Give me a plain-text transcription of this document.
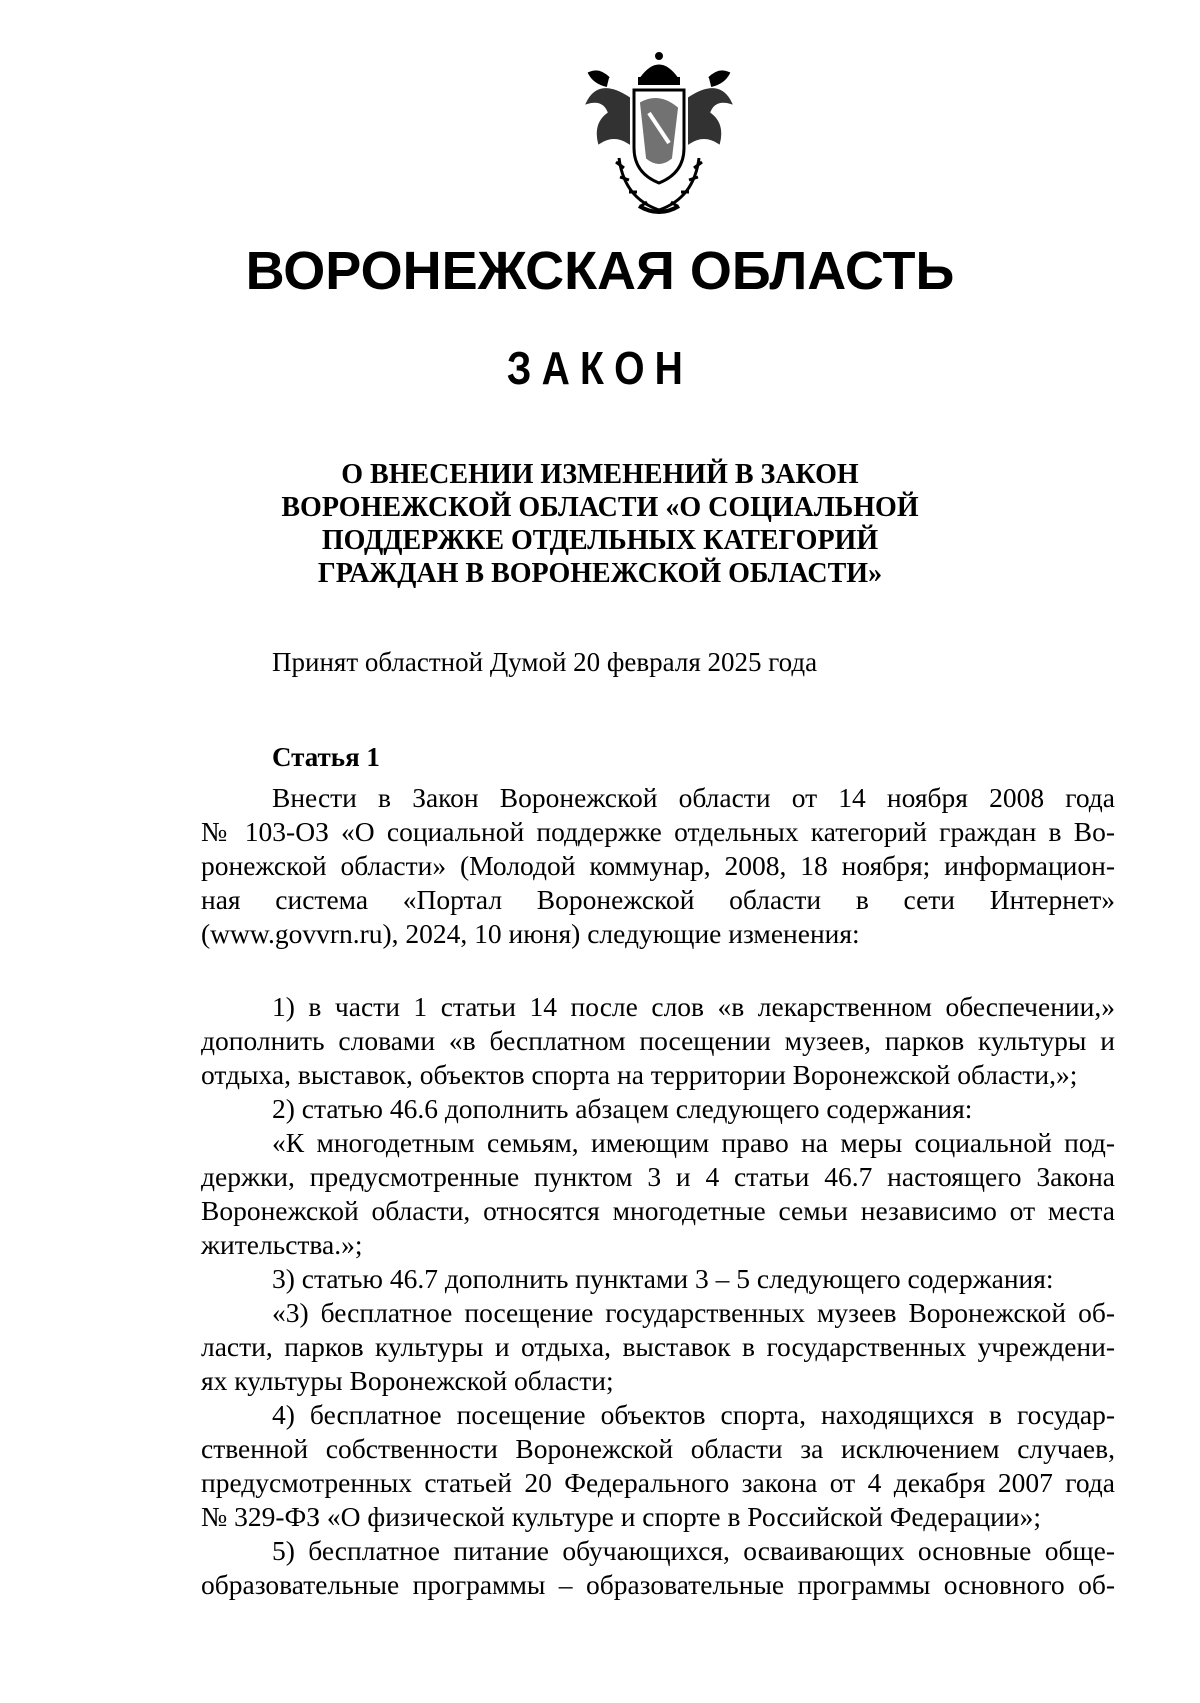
ВОРОНЕЖСКАЯ ОБЛАСТЬ
ЗАКОН
О ВНЕСЕНИИ ИЗМЕНЕНИЙ В ЗАКОН
ВОРОНЕЖСКОЙ ОБЛАСТИ «О СОЦИАЛЬНОЙ
ПОДДЕРЖКЕ ОТДЕЛЬНЫХ КАТЕГОРИЙ
ГРАЖДАН В ВОРОНЕЖСКОЙ ОБЛАСТИ»
Принят областной Думой 20 февраля 2025 года
Статья 1
Внести в Закон Воронежской области от 14 ноября 2008 года
№ 103-ОЗ «О социальной поддержке отдельных категорий граждан в Во-
ронежской области» (Молодой коммунар, 2008, 18 ноября; информацион-
ная система «Портал Воронежской области в сети Интернет»
(www.govvrn.ru), 2024, 10 июня) следующие изменения:
1) в части 1 статьи 14 после слов «в лекарственном обеспечении,»
дополнить словами «в бесплатном посещении музеев, парков культуры и
отдыха, выставок, объектов спорта на территории Воронежской области,»;
2) статью 46.6 дополнить абзацем следующего содержания:
«К многодетным семьям, имеющим право на меры социальной под-
держки, предусмотренные пунктом 3 и 4 статьи 46.7 настоящего Закона
Воронежской области, относятся многодетные семьи независимо от места
жительства.»;
3) статью 46.7 дополнить пунктами 3 – 5 следующего содержания:
«3) бесплатное посещение государственных музеев Воронежской об-
ласти, парков культуры и отдыха, выставок в государственных учреждени-
ях культуры Воронежской области;
4) бесплатное посещение объектов спорта, находящихся в государ-
ственной собственности Воронежской области за исключением случаев,
предусмотренных статьей 20 Федерального закона от 4 декабря 2007 года
№ 329-ФЗ «О физической культуре и спорте в Российской Федерации»;
5) бесплатное питание обучающихся, осваивающих основные обще-
образовательные программы – образовательные программы основного об-
